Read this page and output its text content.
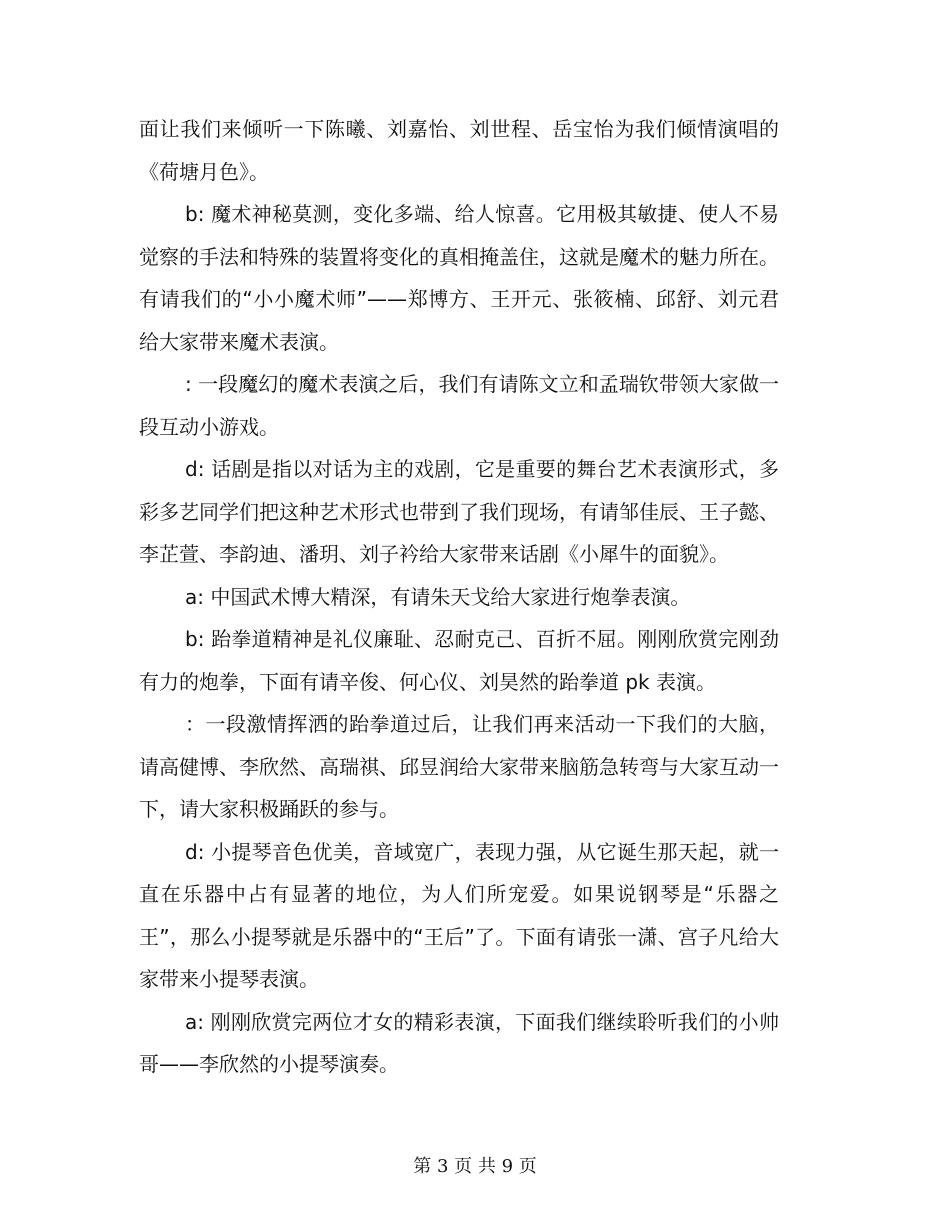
面让我们来倾听一下陈曦、刘嘉怡、刘世程、岳宝怡为我们倾情演唱的《荷塘月色》。

b: 魔术神秘莫测，变化多端、给人惊喜。它用极其敏捷、使人不易觉察的手法和特殊的装置将变化的真相掩盖住，这就是魔术的魅力所在。有请我们的“小小魔术师”——郑博方、王开元、张筱楠、邱舒、刘元君给大家带来魔术表演。

: 一段魔幻的魔术表演之后，我们有请陈文立和孟瑞钦带领大家做一段互动小游戏。

d: 话剧是指以对话为主的戏剧，它是重要的舞台艺术表演形式，多彩多艺同学们把这种艺术形式也带到了我们现场，有请邹佳辰、王子懿、李芷萱、李韵迪、潘玥、刘子衿给大家带来话剧《小犀牛的面貌》。

a: 中国武术博大精深，有请朱天戈给大家进行炮拳表演。

b: 跆拳道精神是礼仪廉耻、忍耐克己、百折不屈。刚刚欣赏完刚劲有力的炮拳，下面有请辛俊、何心仪、刘昊然的跆拳道 pk 表演。

：一段激情挥洒的跆拳道过后，让我们再来活动一下我们的大脑，请高健博、李欣然、高瑞祺、邱昱润给大家带来脑筋急转弯与大家互动一下，请大家积极踊跃的参与。

d: 小提琴音色优美，音域宽广，表现力强，从它诞生那天起，就一直在乐器中占有显著的地位，为人们所宠爱。如果说钢琴是“乐器之王”，那么小提琴就是乐器中的“王后”了。下面有请张一潇、宫子凡给大家带来小提琴表演。

a: 刚刚欣赏完两位才女的精彩表演，下面我们继续聆听我们的小帅哥——李欣然的小提琴演奏。

第 3 页 共 9 页
